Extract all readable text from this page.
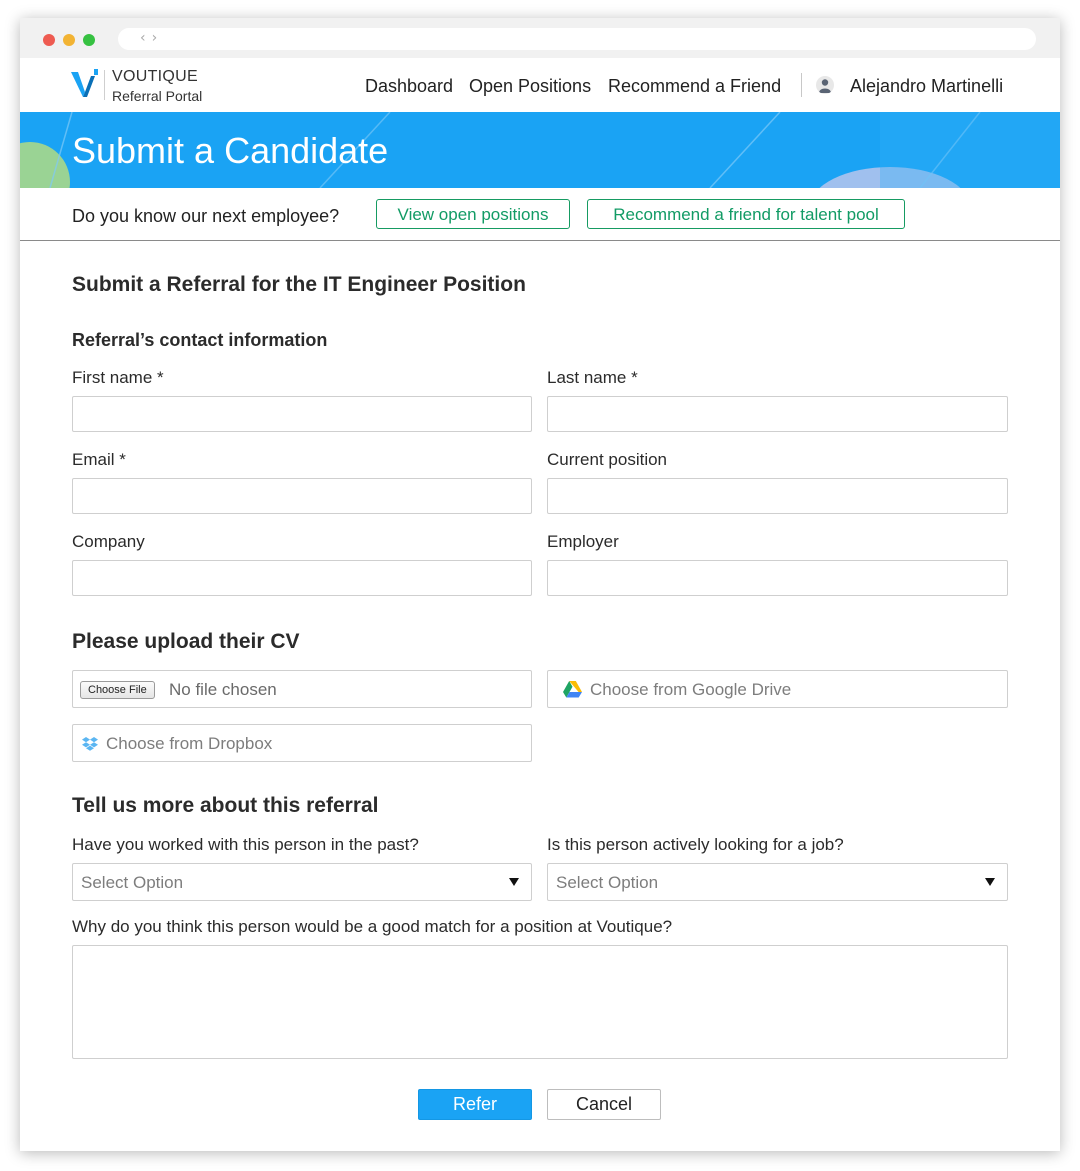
‹›
VOUTIQUE
Referral Portal	Dashboard Open Positions Recommend a Friend	Alejandro Martinelli
Submit a Candidate
Do you know our next employee?	View open positions	Recommend a friend for talent pool
Submit a Referral for the IT Engineer Position
Referral’s contact information
First name *	Last name *
Email *	Current position
Company	Employer
Please upload their CV
Choose File	No file chosen	Choose from Google Drive
Choose from Dropbox
Tell us more about this referral
Have you worked with this person in the past?	Is this person actively looking for a job?
Select Option	Select Option
Why do you think this person would be a good match for a position at Voutique?
Refer	Cancel
